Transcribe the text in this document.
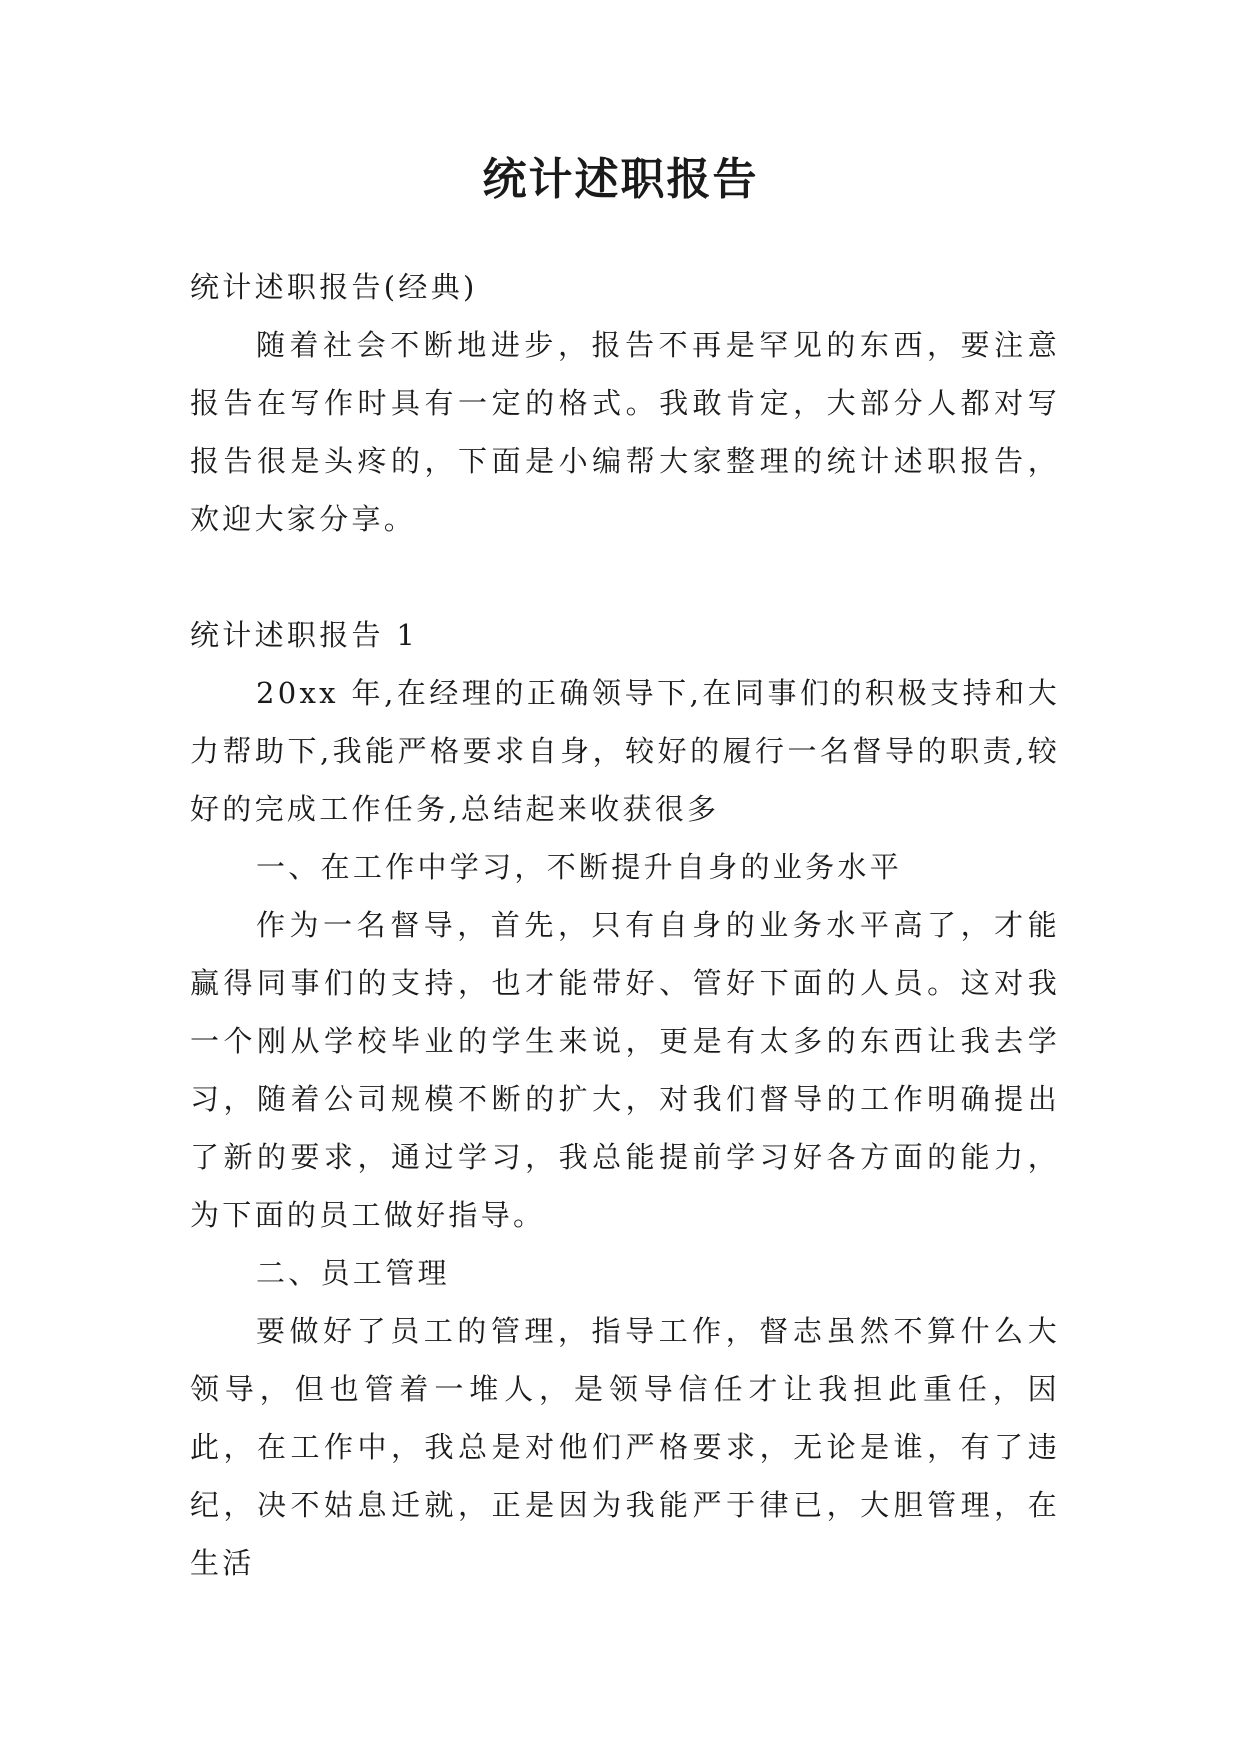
统计述职报告

统计述职报告(经典)

随着社会不断地进步，报告不再是罕见的东西，要注意报告在写作时具有一定的格式。我敢肯定，大部分人都对写报告很是头疼的，下面是小编帮大家整理的统计述职报告，欢迎大家分享。

统计述职报告 1

20xx 年,在经理的正确领导下,在同事们的积极支持和大力帮助下,我能严格要求自身，较好的履行一名督导的职责,较好的完成工作任务,总结起来收获很多

一、在工作中学习，不断提升自身的业务水平

作为一名督导，首先，只有自身的业务水平高了，才能赢得同事们的支持，也才能带好、管好下面的人员。这对我一个刚从学校毕业的学生来说，更是有太多的东西让我去学习，随着公司规模不断的扩大，对我们督导的工作明确提出了新的要求，通过学习，我总能提前学习好各方面的能力，为下面的员工做好指导。

二、员工管理

要做好了员工的管理，指导工作，督志虽然不算什么大领导，但也管着一堆人，是领导信任才让我担此重任，因此，在工作中，我总是对他们严格要求，无论是谁，有了违纪，决不姑息迁就，正是因为我能严于律已，大胆管理，在生活
